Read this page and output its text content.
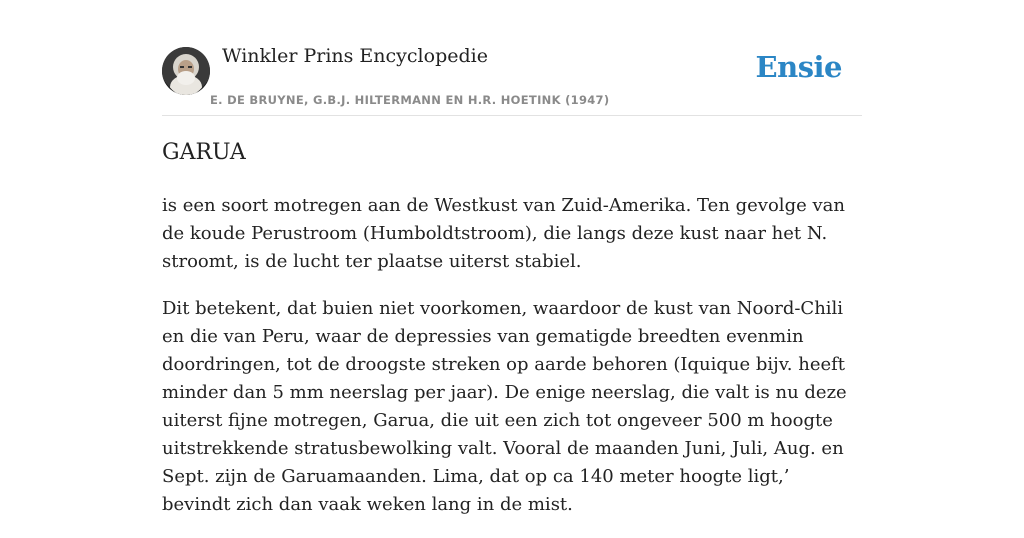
Winkler Prins Encyclopedie
E. DE BRUYNE, G.B.J. HILTERMANN EN H.R. HOETINK (1947)
Ensie
GARUA

is een soort motregen aan de Westkust van Zuid-Amerika. Ten gevolge van de koude Perustroom (Humboldtstroom), die langs deze kust naar het N. stroomt, is de lucht ter plaatse uiterst stabiel.

Dit betekent, dat buien niet voorkomen, waardoor de kust van Noord-Chili en die van Peru, waar de depressies van gematigde breedten evenmin doordringen, tot de droogste streken op aarde behoren (Iquique bijv. heeft minder dan 5 mm neerslag per jaar). De enige neerslag, die valt is nu deze uiterst fijne motregen, Garua, die uit een zich tot ongeveer 500 m hoogte uitstrekkende stratusbewolking valt. Vooral de maanden Juni, Juli, Aug. en Sept. zijn de Garuamaanden. Lima, dat op ca 140 meter hoogte ligt,’ bevindt zich dan vaak weken lang in de mist.
